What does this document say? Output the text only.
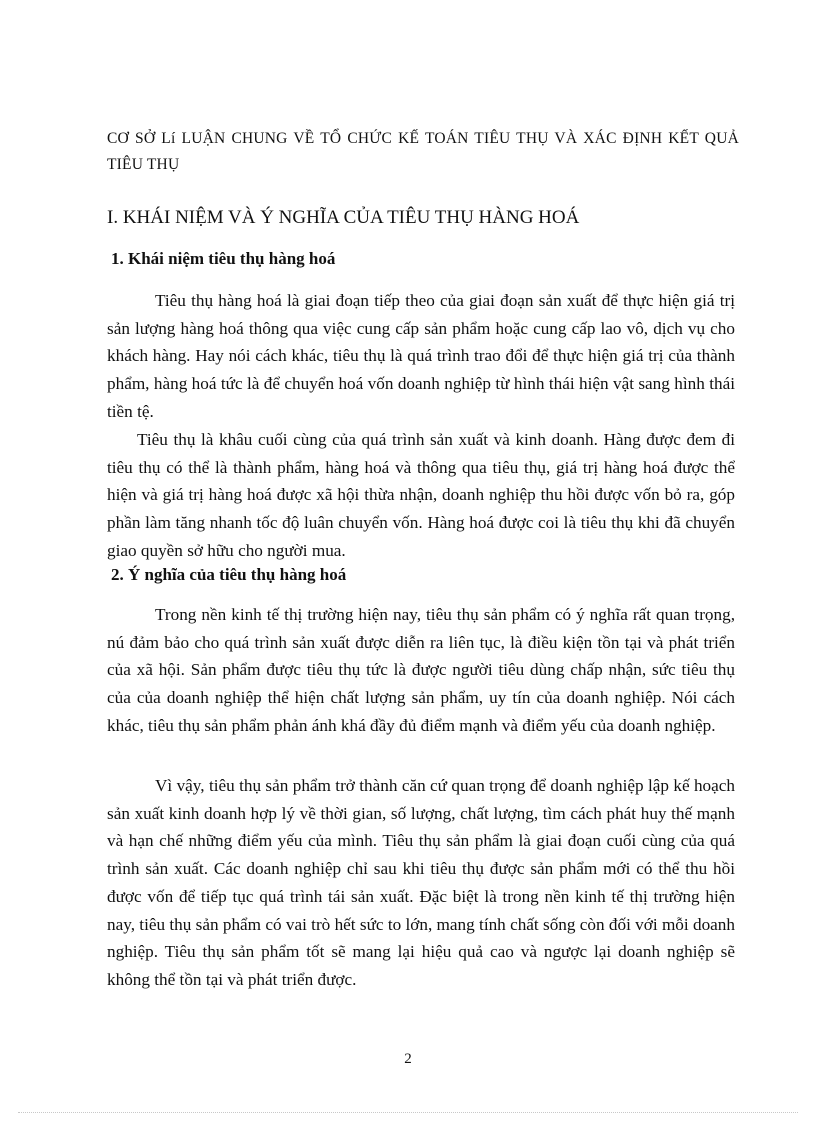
CƠ SỞ Lí LUẬN CHUNG VỀ TỔ CHỨC KẾ TOÁN TIÊU THỤ VÀ XÁC ĐỊNH KẾT QUẢ TIÊU THỤ
I. KHÁI NIỆM VÀ Ý NGHĨA CỦA TIÊU THỤ HÀNG HOÁ
1. Khái niệm tiêu thụ hàng hoá

Tiêu thụ hàng hoá là giai đoạn tiếp theo của giai đoạn sản xuất để thực hiện giá trị sản lượng hàng hoá thông qua việc cung cấp sản phẩm hoặc cung cấp lao vô, dịch vụ cho khách hàng. Hay nói cách khác, tiêu thụ là quá trình trao đổi để thực hiện giá trị của thành phẩm, hàng hoá tức là để chuyển hoá vốn doanh nghiệp từ hình thái hiện vật sang hình thái tiền tệ.

Tiêu thụ là khâu cuối cùng của quá trình sản xuất và kinh doanh. Hàng được đem đi tiêu thụ có thể là thành phẩm, hàng hoá và thông qua tiêu thụ, giá trị hàng hoá được thể hiện và giá trị hàng hoá được xã hội thừa nhận, doanh nghiệp thu hồi được vốn bỏ ra, góp phần làm tăng nhanh tốc độ luân chuyển vốn. Hàng hoá được coi là tiêu thụ khi đã chuyển giao quyền sở hữu cho người mua.

2. Ý nghĩa của tiêu thụ hàng hoá

Trong nền kinh tế thị trường hiện nay, tiêu thụ sản phẩm có ý nghĩa rất quan trọng, nú đảm bảo cho quá trình sản xuất được diễn ra liên tục, là điều kiện tồn tại và phát triển của xã hội. Sản phẩm được tiêu thụ tức là được người tiêu dùng chấp nhận, sức tiêu thụ của của doanh nghiệp thể hiện chất lượng sản phẩm, uy tín của doanh nghiệp. Nói cách khác, tiêu thụ sản phẩm phản ánh khá đầy đủ điểm mạnh và điểm yếu của doanh nghiệp.

Vì vậy, tiêu thụ sản phẩm trở thành căn cứ quan trọng để doanh nghiệp lập kế hoạch sản xuất kinh doanh hợp lý về thời gian, số lượng, chất lượng, tìm cách phát huy thế mạnh và hạn chế những điểm yếu của mình. Tiêu thụ sản phẩm là giai đoạn cuối cùng của quá trình sản xuất. Các doanh nghiệp chỉ sau khi tiêu thụ được sản phẩm mới có thể thu hồi được vốn để tiếp tục quá trình tái sản xuất. Đặc biệt là trong nền kinh tế thị trường hiện nay, tiêu thụ sản phẩm có vai trò hết sức to lớn, mang tính chất sống còn đối với mỗi doanh nghiệp. Tiêu thụ sản phẩm tốt sẽ mang lại hiệu quả cao và ngược lại doanh nghiệp sẽ không thể tồn tại và phát triển được.

2
